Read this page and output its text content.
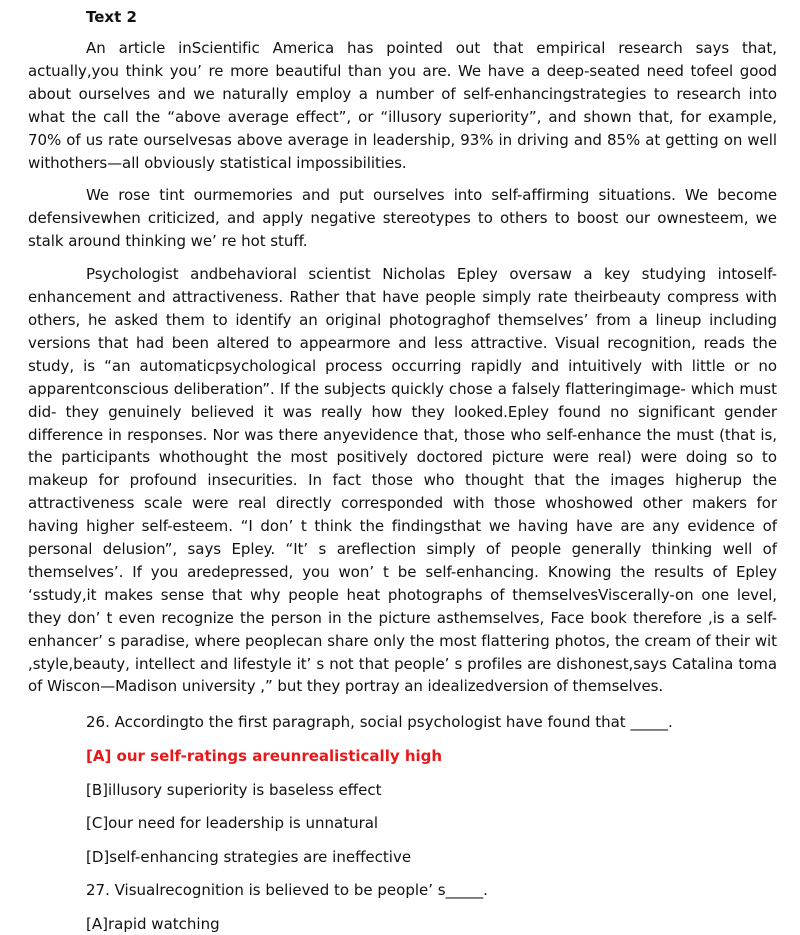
Text 2

An article inScientific America has pointed out that empirical research says that, actually,you think you’ re more beautiful than you are. We have a deep-seated need tofeel good about ourselves and we naturally employ a number of self-enhancingstrategies to research into what the call the “above average effect”, or “illusory superiority”, and shown that, for example, 70% of us rate ourselvesas above average in leadership, 93% in driving and 85% at getting on well withothers—all obviously statistical impossibilities.

We rose tint ourmemories and put ourselves into self-affirming situations. We become defensivewhen criticized, and apply negative stereotypes to others to boost our ownesteem, we stalk around thinking we’ re hot stuff.

Psychologist andbehavioral scientist Nicholas Epley oversaw a key studying intoself-enhancement and attractiveness. Rather that have people simply rate theirbeauty compress with others, he asked them to identify an original photograghof themselves’ from a lineup including versions that had been altered to appearmore and less attractive. Visual recognition, reads the study, is “an automaticpsychological process occurring rapidly and intuitively with little or no apparentconscious deliberation”. If the subjects quickly chose a falsely flatteringimage- which must did- they genuinely believed it was really how they looked.Epley found no significant gender difference in responses. Nor was there anyevidence that, those who self-enhance the must (that is, the participants whothought the most positively doctored picture were real) were doing so to makeup for profound insecurities. In fact those who thought that the images higherup the attractiveness scale were real directly corresponded with those whoshowed other makers for having higher self-esteem. “I don’ t think the findingsthat we having have are any evidence of personal delusion”, says Epley. “It’ s areflection simply of people generally thinking well of themselves’. If you aredepressed, you won’ t be self-enhancing. Knowing the results of Epley ‘sstudy,it makes sense that why people heat photographs of themselvesViscerally-on one level, they don’ t even recognize the person in the picture asthemselves, Face book therefore ,is a self-enhancer’ s paradise, where peoplecan share only the most flattering photos, the cream of their wit ,style,beauty, intellect and lifestyle it’ s not that people’ s profiles are dishonest,says Catalina toma of Wiscon—Madison university ,” but they portray an idealizedversion of themselves.

26. Accordingto the first paragraph, social psychologist have found that _____.
[A] our self-ratings areunrealistically high
[B]illusory superiority is baseless effect
[C]our need for leadership is unnatural
[D]self-enhancing strategies are ineffective
27. Visualrecognition is believed to be people’ s_____.
[A]rapid watching
